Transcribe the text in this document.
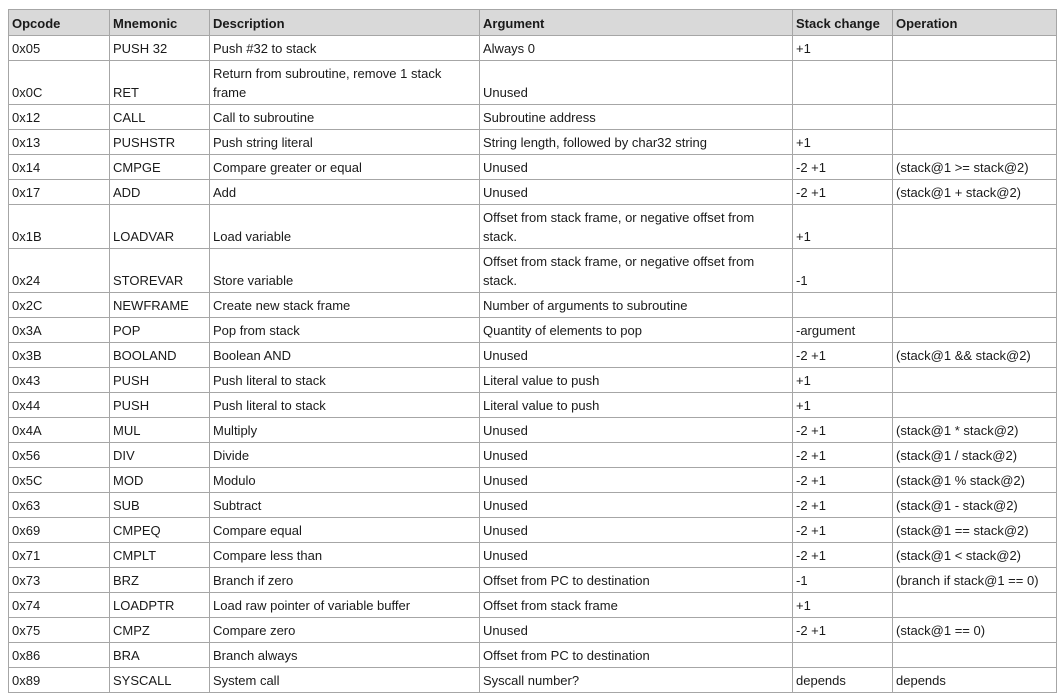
Opcode	Mnemonic	Description	Argument	Stack change	Operation
0x05	PUSH 32	Push #32 to stack	Always 0	+1	
0x0C	RET	Return from subroutine, remove 1 stack frame	Unused		
0x12	CALL	Call to subroutine	Subroutine address		
0x13	PUSHSTR	Push string literal	String length, followed by char32 string	+1	
0x14	CMPGE	Compare greater or equal	Unused	-2 +1	(stack@1 >= stack@2)
0x17	ADD	Add	Unused	-2 +1	(stack@1 + stack@2)
0x1B	LOADVAR	Load variable	Offset from stack frame, or negative offset from stack.	+1	
0x24	STOREVAR	Store variable	Offset from stack frame, or negative offset from stack.	-1	
0x2C	NEWFRAME	Create new stack frame	Number of arguments to subroutine		
0x3A	POP	Pop from stack	Quantity of elements to pop	-argument	
0x3B	BOOLAND	Boolean AND	Unused	-2 +1	(stack@1 && stack@2)
0x43	PUSH	Push literal to stack	Literal value to push	+1	
0x44	PUSH	Push literal to stack	Literal value to push	+1	
0x4A	MUL	Multiply	Unused	-2 +1	(stack@1 * stack@2)
0x56	DIV	Divide	Unused	-2 +1	(stack@1 / stack@2)
0x5C	MOD	Modulo	Unused	-2 +1	(stack@1 % stack@2)
0x63	SUB	Subtract	Unused	-2 +1	(stack@1 - stack@2)
0x69	CMPEQ	Compare equal	Unused	-2 +1	(stack@1 == stack@2)
0x71	CMPLT	Compare less than	Unused	-2 +1	(stack@1 < stack@2)
0x73	BRZ	Branch if zero	Offset from PC to destination	-1	(branch if stack@1 == 0)
0x74	LOADPTR	Load raw pointer of variable buffer	Offset from stack frame	+1	
0x75	CMPZ	Compare zero	Unused	-2 +1	(stack@1 == 0)
0x86	BRA	Branch always	Offset from PC to destination		
0x89	SYSCALL	System call	Syscall number?	depends	depends
